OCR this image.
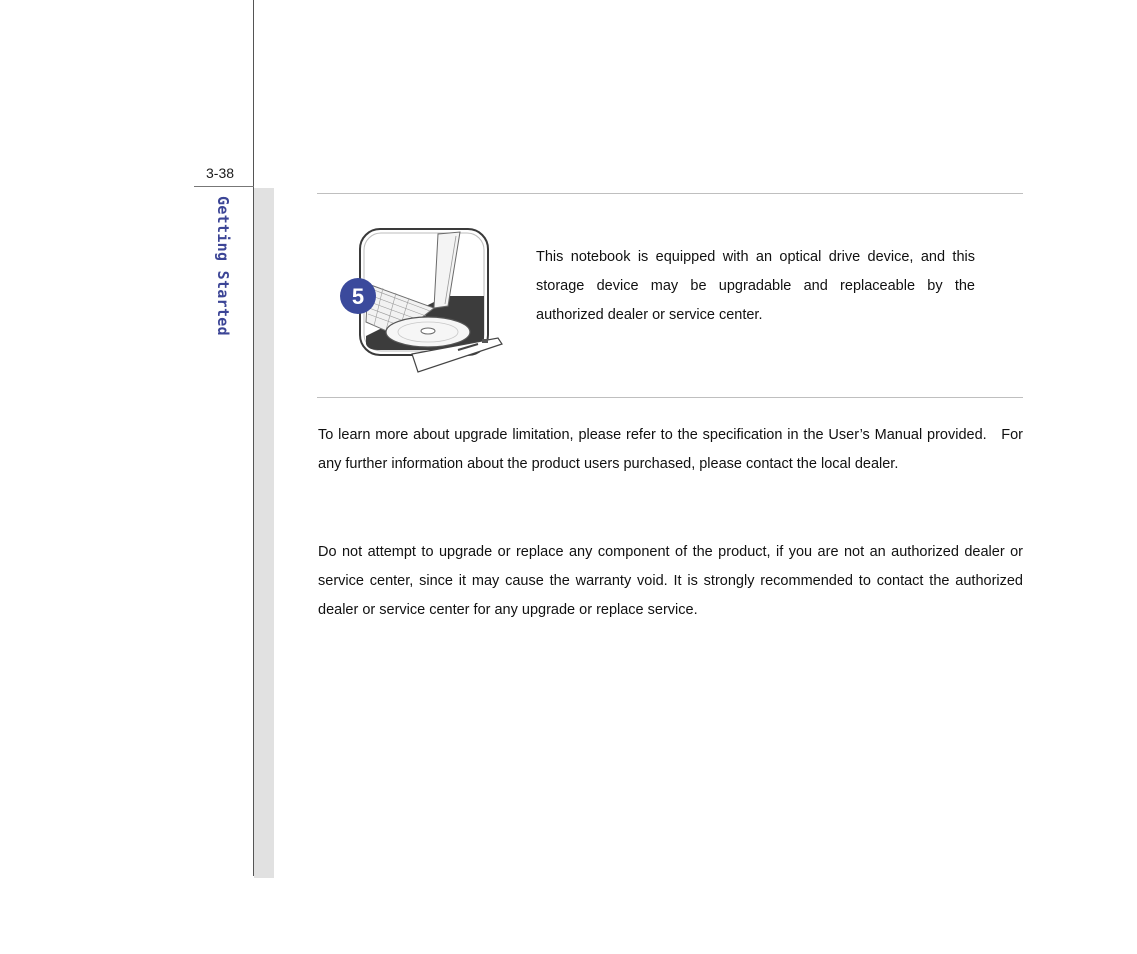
3-38
Getting Started	5

This notebook is equipped with an optical drive device, and this storage device may be upgradable and replaceable by the authorized dealer or service center.

To learn more about upgrade limitation, please refer to the specification in the User’s Manual provided.   For any further information about the product users purchased, please contact the local dealer.

Do not attempt to upgrade or replace any component of the product, if you are not an authorized dealer or service center, since it may cause the warranty void. It is strongly recommended to contact the authorized dealer or service center for any upgrade or replace service.
